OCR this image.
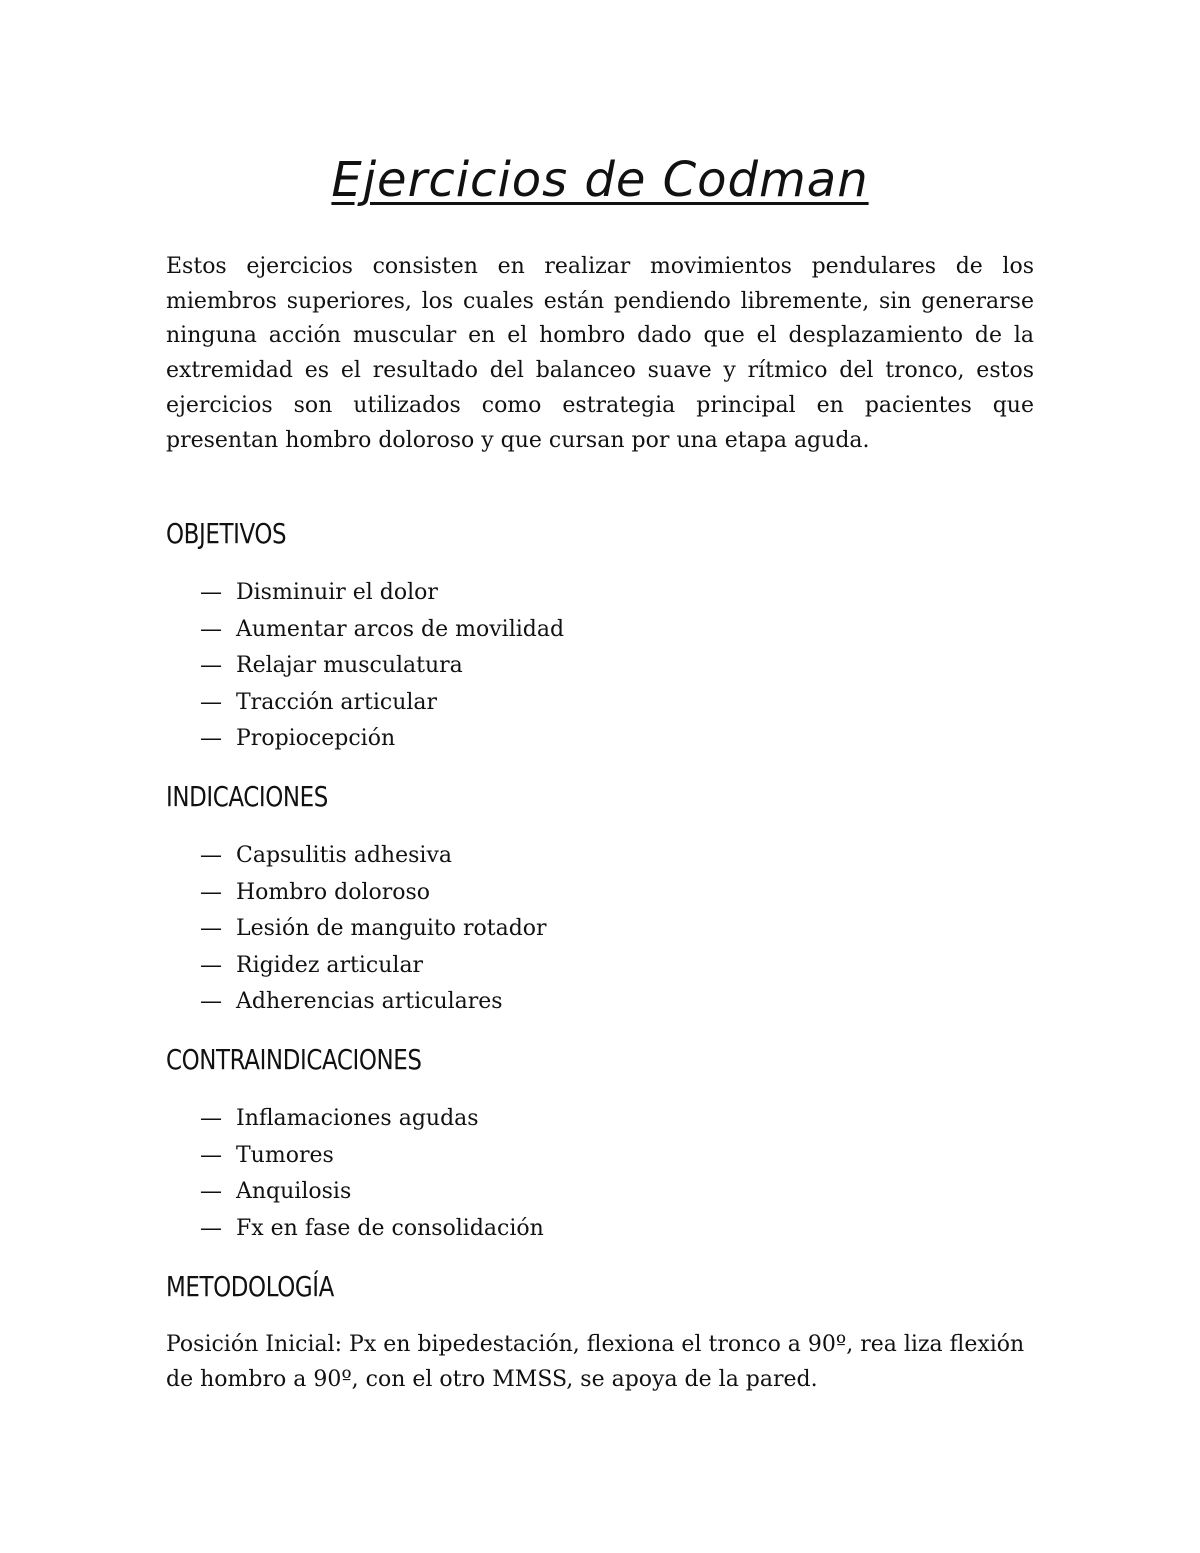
Ejercicios de Codman

Estos ejercicios consisten en realizar movimientos pendulares de los miembros superiores, los cuales están pendiendo libremente, sin generarse ninguna acción muscular en el hombro dado que el desplazamiento de la extremidad es el resultado del balanceo suave y rítmico del tronco, estos ejercicios son utilizados como estrategia principal en pacientes que presentan hombro doloroso y que cursan por una etapa aguda.

OBJETIVOS
— Disminuir el dolor
— Aumentar arcos de movilidad
— Relajar musculatura
— Tracción articular
— Propiocepción
INDICACIONES
— Capsulitis adhesiva
— Hombro doloroso
— Lesión de manguito rotador
— Rigidez articular
— Adherencias articulares
CONTRAINDICACIONES
— Inflamaciones agudas
— Tumores
— Anquilosis
— Fx en fase de consolidación
METODOLOGÍA

Posición Inicial: Px en bipedestación, flexiona el tronco a 90º, rea liza flexión de hombro a 90º, con el otro MMSS, se apoya de la pared.
